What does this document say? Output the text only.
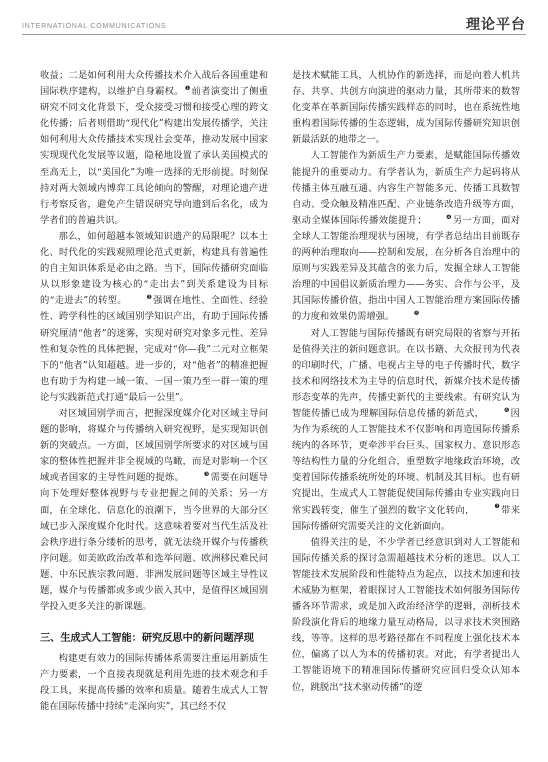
INTERNATIONAL COMMUNICATIONS	理论平台

收益；二是如何利用大众传播技术介入战后各国重建和国际秩序建构，以维护自身霸权。❶前者演变出了侧重研究不同文化背景下，受众接受习惯和接受心理的跨文化传播；后者则借助“现代化”构建出发展传播学，关注如何利用大众传播技术实现社会变革，推动发展中国家实现现代化发展等议题，隐秘地设置了承认美国模式的至高无上，以“美国化”为唯一选择的无形前提。时刻保持对两大领域内博弈工具论倾向的警醒，对理论遗产进行考察反省，避免产生错误研究导向遗到后名化，成为学者们的普遍共识。

那么，如何超越本领域知识遗产的局限呢？以本土化、时代化的实践观照理论范式更新，构建具有普遍性的自主知识体系是必由之路。当下，国际传播研究面临从以形象建设为核心的“走出去”到关系建设为目标的“走进去”的转型。	❷强调在地性、全面性、经验性、跨学科性的区域国别学知识产出，有助于国际传播研究厘清“他者”的迷雾，实现对研究对象多元性、差异性和复杂性的具体把握，完成对“你—我”二元对立框架下的“他者”认知超越。进一步的，对“他者”的精准把握也有助于为构建一域一策、一国一策乃至一群一策的理论与实践新范式打通“最后一公里”。

对区域国别学而言，把握深度媒介化对区域主导问题的影响，将媒介与传播纳入研究视野，是实现知识创新的突破点。一方面，区域国别学所要求的对区域与国家的整体性把握并非全视域的鸟瞰，而是对影响一个区域或者国家的主导性问题的提炼。	❸需要在问题导向下处理好整体视野与专业把握之间的关系；另一方面，在全球化、信息化的浪潮下，当今世界的大部分区域已步入深度媒介化时代。这意味着要对当代生活及社会秩序进行条分缕析的思考，就无法绕开媒介与传播秩序问题。如美欧政治改革和选举问题、欧洲移民难民问题、中东民族宗教问题、非洲发展问题等区域主导性议题，媒介与传播都或多或少嵌入其中，是值得区域国别学投入更多关注的新课题。

三、生成式人工智能：研究反思中的新问题浮现

构建更有效力的国际传播体系需要注重运用新质生产力要素，一个直接表现就是利用先进的技术观念和手段工具，来提高传播的效率和质量。随着生成式人工智能在国际传播中持续“走深向实”，其已经不仅

是技术赋能工具，人机协作的新选择，而是向着人机共存、共享、共创方向演进的驱动力量，其所带来的数智化变革在革新国际传播实践样态的同时，也在系统性地重构着国际传播的生态逻辑，成为国际传播研究知识创新最活跃的地带之一。

人工智能作为新质生产力要素，是赋能国际传播效能提升的重要动力。有学者认为，新质生产力起码将从传播主体互融互通、内容生产智能多元、传播工具数智自动、受众触及精准匹配、产业链条改造升级等方面，驱动全媒体国际传播效能提升；	❹另一方面，面对全球人工智能治理现状与困境，有学者总结出目前既存的两种治理取向——控制和发展，在分析各自治理中的原则与实践差异及其蕴含的张力后，发掘全球人工智能治理的中国倡议新质治理力——务实、合作与公平，及其国际传播价值，指出中国人工智能治理方案国际传播的力度和效果仍需增强。	❺

对人工智能与国际传播既有研究局限的省察与开拓是值得关注的新问题意识。在以书籍、大众报刊为代表的印刷时代，广播、电视占主导的电子传播时代，数字技术和网络技术为主导的信息时代，新媒介技术是传播形态变革的先声，传播史新代的主要线索。有研究认为智能传播已成为理解国际信息传播的新范式，	❻因为作为系统的人工智能技术不仅影响和再造国际传播系统内的各环节，更牵涉平台巨头、国家权力、意识形态等结构性力量的分化组合，重塑数字地缘政治环境，改变着国际传播系统所处的环境、机制及其目标。也有研究提出，生成式人工智能促使国际传播由专业实践向日常实践转变，催生了强烈的数字文化转向，	❼带来国际传播研究需要关注的文化新面向。

值得关注的是，不少学者已经意识到对人工智能和国际传播关系的探讨急需超越技术分析的迷思。以人工智能技术发展阶段和性能特点为起点，以技术加速和技术威胁为框架，着眼探讨人工智能技术如何服务国际传播各环节需求，或是加入政治经济学的逻辑，剖析技术阶段演化背后的地缘力量互动格局，以寻求技术突围路线，等等。这样的思考路径都在不同程度上强化技术本位，偏离了以人为本的传播初衷。对此，有学者提出人工智能语境下的精准国际传播研究应回归受众认知本位，跳脱出“技术驱动传播”的逻
